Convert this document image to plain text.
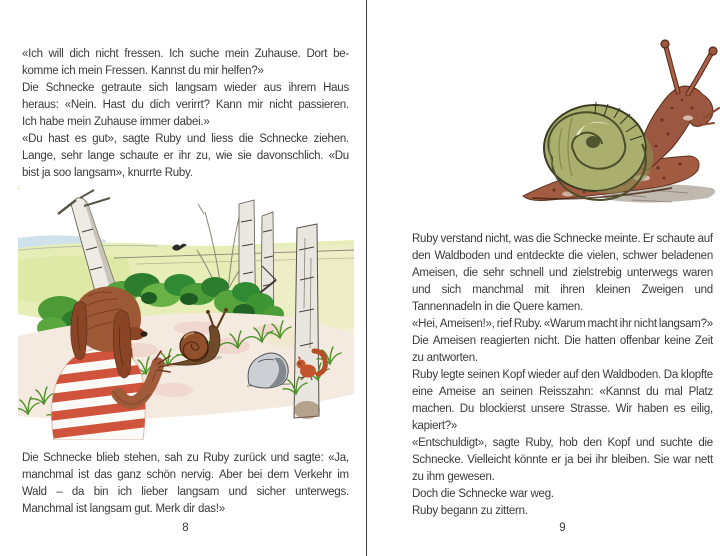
«Ich will dich nicht fressen. Ich suche mein Zuhause. Dort be-
komme ich mein Fressen. Kannst du mir helfen?»
Die Schnecke getraute sich langsam wieder aus ihrem Haus
heraus: «Nein. Hast du dich verirrt? Kann mir nicht passieren.
Ich habe mein Zuhause immer dabei.»
«Du hast es gut», sagte Ruby und liess die Schnecke ziehen.
Lange, sehr lange schaute er ihr zu, wie sie davonschlich. «Du
bist ja soo langsam», knurrte Ruby.
Die Schnecke blieb stehen, sah zu Ruby zurück und sagte: «Ja,
manchmal ist das ganz schön nervig. Aber bei dem Verkehr im
Wald – da bin ich lieber langsam und sicher unterwegs.
Manchmal ist langsam gut. Merk dir das!»
8
Ruby verstand nicht, was die Schnecke meinte. Er schaute auf
den Waldboden und entdeckte die vielen, schwer beladenen
Ameisen, die sehr schnell und zielstrebig unterwegs waren
und sich manchmal mit ihren kleinen Zweigen und
Tannennadeln in die Quere kamen.
«Hei, Ameisen!», rief Ruby. «Warum macht ihr nicht langsam?»
Die Ameisen reagierten nicht. Die hatten offenbar keine Zeit
zu antworten.
Ruby legte seinen Kopf wieder auf den Waldboden. Da klopfte
eine Ameise an seinen Reisszahn: «Kannst du mal Platz
machen. Du blockierst unsere Strasse. Wir haben es eilig,
kapiert?»
«Entschuldigt», sagte Ruby, hob den Kopf und suchte die
Schnecke. Vielleicht könnte er ja bei ihr bleiben. Sie war nett
zu ihm gewesen.
Doch die Schnecke war weg.
Ruby begann zu zittern.
9
